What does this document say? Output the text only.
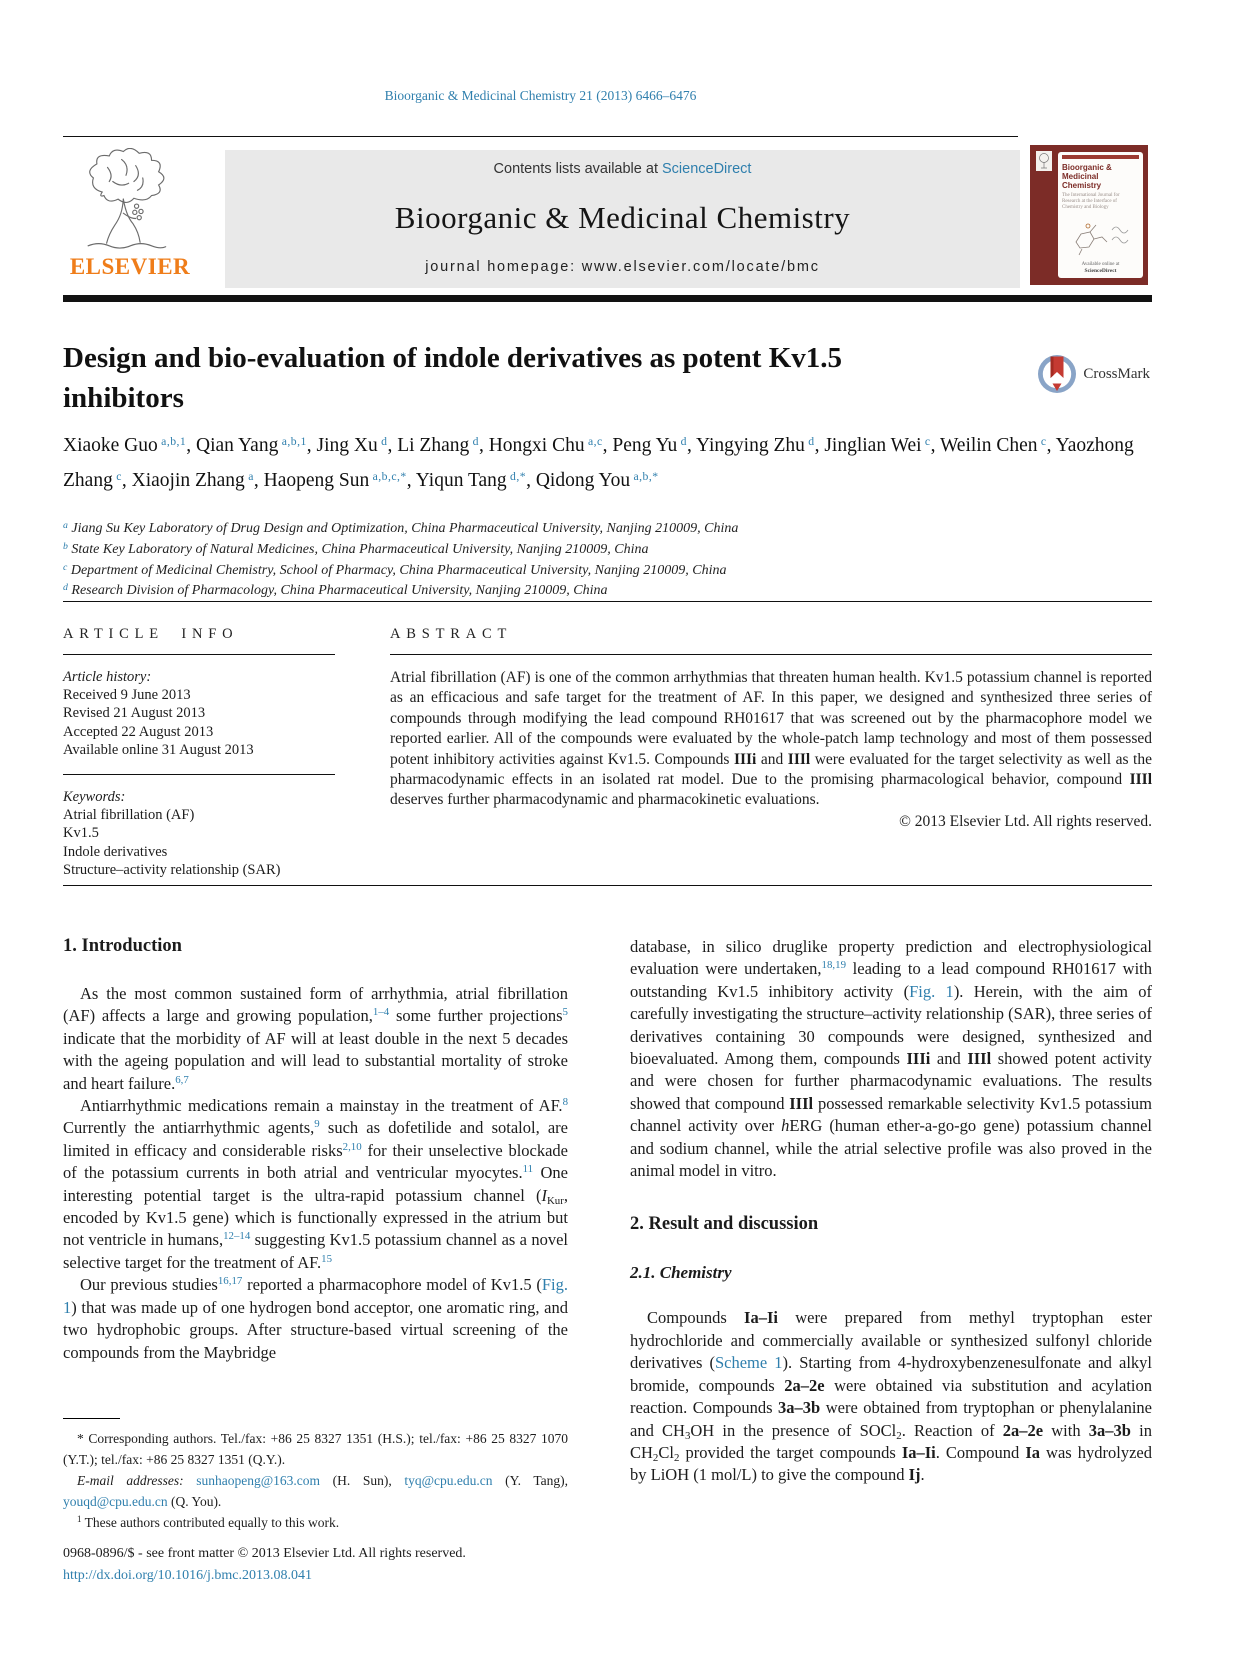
Bioorganic & Medicinal Chemistry 21 (2013) 6466–6476
ELSEVIER
Contents lists available at ScienceDirect
Bioorganic & Medicinal Chemistry
journal homepage: www.elsevier.com/locate/bmc
Bioorganic & Medicinal Chemistry
The International Journal for Research at the Interface of Chemistry and Biology
Available online at
ScienceDirect
Design and bio-evaluation of indole derivatives as potent Kv1.5 inhibitors
CrossMark
Xiaoke Guo $^{a,b,1}$, Qian Yang $^{a,b,1}$, Jing Xu $^d$, Li Zhang $^d$, Hongxi Chu $^{a,c}$, Peng Yu $^d$, Yingying Zhu $^d$, Jinglian Wei $^c$, Weilin Chen $^c$, Yaozhong Zhang $^c$, Xiaojin Zhang $^a$, Haopeng Sun $^{a,b,c,*}$, Yiqun Tang $^{d,*}$, Qidong You $^{a,b,*}$
$^a$ Jiang Su Key Laboratory of Drug Design and Optimization, China Pharmaceutical University, Nanjing 210009, China
$^b$ State Key Laboratory of Natural Medicines, China Pharmaceutical University, Nanjing 210009, China
$^c$ Department of Medicinal Chemistry, School of Pharmacy, China Pharmaceutical University, Nanjing 210009, China
$^d$ Research Division of Pharmacology, China Pharmaceutical University, Nanjing 210009, China
ARTICLE INFO
Article history:
Received 9 June 2013
Revised 21 August 2013
Accepted 22 August 2013
Available online 31 August 2013
Keywords:
Atrial fibrillation (AF)
Kv1.5
Indole derivatives
Structure–activity relationship (SAR)
ABSTRACT

Atrial fibrillation (AF) is one of the common arrhythmias that threaten human health. Kv1.5 potassium channel is reported as an efficacious and safe target for the treatment of AF. In this paper, we designed and synthesized three series of compounds through modifying the lead compound RH01617 that was screened out by the pharmacophore model we reported earlier. All of the compounds were evaluated by the whole-patch lamp technology and most of them possessed potent inhibitory activities against Kv1.5. Compounds IIIi and IIIl were evaluated for the target selectivity as well as the pharmacodynamic effects in an isolated rat model. Due to the promising pharmacological behavior, compound IIIl deserves further pharmacodynamic and pharmacokinetic evaluations.

© 2013 Elsevier Ltd. All rights reserved.
1. Introduction

As the most common sustained form of arrhythmia, atrial fibrillation (AF) affects a large and growing population,$^{1-4}$ some further projections$^5$ indicate that the morbidity of AF will at least double in the next 5 decades with the ageing population and will lead to substantial mortality of stroke and heart failure.$^{6,7}$

Antiarrhythmic medications remain a mainstay in the treatment of AF.$^8$ Currently the antiarrhythmic agents,$^9$ such as dofetilide and sotalol, are limited in efficacy and considerable risks$^{2,10}$ for their unselective blockade of the potassium currents in both atrial and ventricular myocytes.$^{11}$ One interesting potential target is the ultra-rapid potassium channel (IKur, encoded by Kv1.5 gene) which is functionally expressed in the atrium but not ventricle in humans,$^{12-14}$ suggesting Kv1.5 potassium channel as a novel selective target for the treatment of AF.$^{15}$

Our previous studies$^{16,17}$ reported a pharmacophore model of Kv1.5 (Fig. 1) that was made up of one hydrogen bond acceptor, one aromatic ring, and two hydrophobic groups. After structure-based virtual screening of the compounds from the Maybridge

database, in silico druglike property prediction and electrophysiological evaluation were undertaken,$^{18,19}$ leading to a lead compound RH01617 with outstanding Kv1.5 inhibitory activity (Fig. 1). Herein, with the aim of carefully investigating the structure–activity relationship (SAR), three series of derivatives containing 30 compounds were designed, synthesized and bioevaluated. Among them, compounds IIIi and IIIl showed potent activity and were chosen for further pharmacodynamic evaluations. The results showed that compound IIIl possessed remarkable selectivity Kv1.5 potassium channel activity over hERG (human ether-a-go-go gene) potassium channel and sodium channel, while the atrial selective profile was also proved in the animal model in vitro.

2. Result and discussion
2.1. Chemistry

Compounds Ia–Ii were prepared from methyl tryptophan ester hydrochloride and commercially available or synthesized sulfonyl chloride derivatives (Scheme 1). Starting from 4-hydroxybenzenesulfonate and alkyl bromide, compounds 2a–2e were obtained via substitution and acylation reaction. Compounds 3a–3b were obtained from tryptophan or phenylalanine and CH3OH in the presence of SOCl2. Reaction of 2a–2e with 3a–3b in CH2Cl2 provided the target compounds Ia–Ii. Compound Ia was hydrolyzed by LiOH (1 mol/L) to give the compound Ij.

* Corresponding authors. Tel./fax: +86 25 8327 1351 (H.S.); tel./fax: +86 25 8327 1070 (Y.T.); tel./fax: +86 25 8327 1351 (Q.Y.).

E-mail addresses: sunhaopeng@163.com (H. Sun), tyq@cpu.edu.cn (Y. Tang), youqd@cpu.edu.cn (Q. You).

$^1$ These authors contributed equally to this work.

0968-0896/$ - see front matter © 2013 Elsevier Ltd. All rights reserved.
http://dx.doi.org/10.1016/j.bmc.2013.08.041
